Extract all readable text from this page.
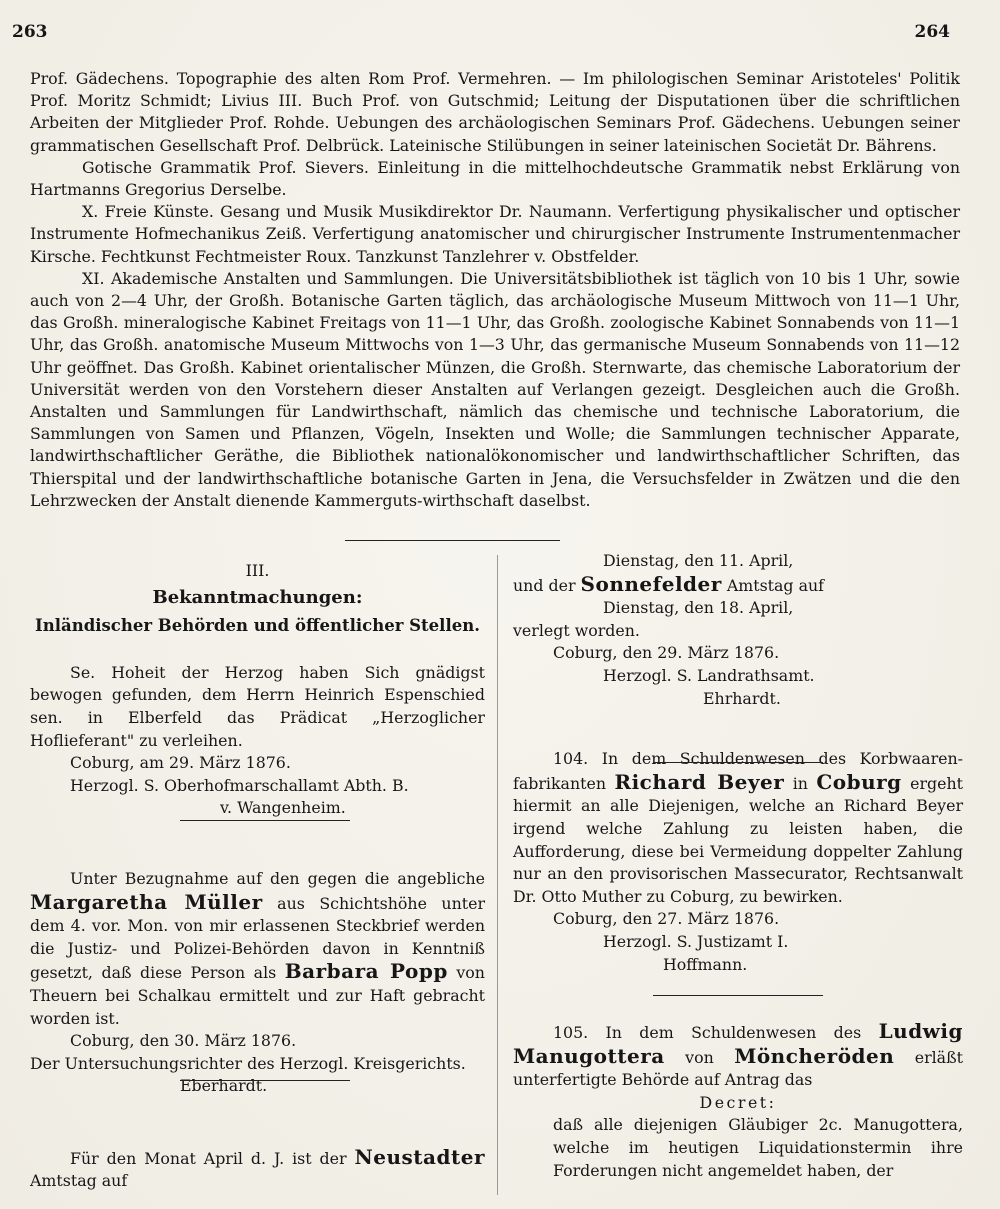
263	264

Prof. Gädechens. Topographie des alten Rom Prof. Vermehren. — Im philologischen Seminar Aristoteles' Politik Prof. Moritz Schmidt; Livius III. Buch Prof. von Gutschmid; Leitung der Disputationen über die schriftlichen Arbeiten der Mitglieder Prof. Rohde. Uebungen des archäologischen Seminars Prof. Gädechens. Uebungen seiner grammatischen Gesellschaft Prof. Delbrück. Lateinische Stilübungen in seiner lateinischen Societät Dr. Bährens.

Gotische Grammatik Prof. Sievers. Einleitung in die mittelhochdeutsche Grammatik nebst Erklärung von Hartmanns Gregorius Derselbe.

X. Freie Künste. Gesang und Musik Musikdirektor Dr. Naumann. Verfertigung physikalischer und optischer Instrumente Hofmechanikus Zeiß. Verfertigung anatomischer und chirurgischer Instrumente Instrumentenmacher Kirsche. Fechtkunst Fechtmeister Roux. Tanzkunst Tanzlehrer v. Obstfelder.

XI. Akademische Anstalten und Sammlungen. Die Universitätsbibliothek ist täglich von 10 bis 1 Uhr, sowie auch von 2—4 Uhr, der Großh. Botanische Garten täglich, das archäologische Museum Mittwoch von 11—1 Uhr, das Großh. mineralogische Kabinet Freitags von 11—1 Uhr, das Großh. zoologische Kabinet Sonnabends von 11—1 Uhr, das Großh. anatomische Museum Mittwochs von 1—3 Uhr, das germanische Museum Sonnabends von 11—12 Uhr geöffnet. Das Großh. Kabinet orientalischer Münzen, die Großh. Sternwarte, das chemische Laboratorium der Universität werden von den Vorstehern dieser Anstalten auf Verlangen gezeigt. Desgleichen auch die Großh. Anstalten und Sammlungen für Landwirthschaft, nämlich das chemische und technische Laboratorium, die Sammlungen von Samen und Pflanzen, Vögeln, Insekten und Wolle; die Sammlungen technischer Apparate, landwirthschaftlicher Geräthe, die Bibliothek nationalökonomischer und landwirthschaftlicher Schriften, das Thierspital und der landwirthschaftliche botanische Garten in Jena, die Versuchsfelder in Zwätzen und die den Lehrzwecken der Anstalt dienende Kammerguts-wirthschaft daselbst.

III.

Bekanntmachungen:

Inländischer Behörden und öffentlicher Stellen.

Se. Hoheit der Herzog haben Sich gnädigst bewogen gefunden, dem Herrn Heinrich Espenschied sen. in Elberfeld das Prädicat „Herzoglicher Hoflieferant" zu verleihen.

Coburg, am 29. März 1876.

Herzogl. S. Oberhofmarschallamt Abth. B.

v. Wangenheim.

Unter Bezugnahme auf den gegen die angebliche Margaretha Müller aus Schichtshöhe unter dem 4. vor. Mon. von mir erlassenen Steckbrief werden die Justiz- und Polizei-Behörden davon in Kenntniß gesetzt, daß diese Person als Barbara Popp von Theuern bei Schalkau ermittelt und zur Haft gebracht worden ist.

Coburg, den 30. März 1876.

Der Untersuchungsrichter des Herzogl. Kreisgerichts.

Eberhardt.

Für den Monat April d. J. ist der Neustadter Amtstag auf

Dienstag, den 11. April,

und der Sonnefelder Amtstag auf

Dienstag, den 18. April,

verlegt worden.

Coburg, den 29. März 1876.

Herzogl. S. Landrathsamt.

Ehrhardt.

104. In dem Schuldenwesen des Korbwaaren-fabrikanten Richard Beyer in Coburg ergeht hiermit an alle Diejenigen, welche an Richard Beyer irgend welche Zahlung zu leisten haben, die Aufforderung, diese bei Vermeidung doppelter Zahlung nur an den provisorischen Massecurator, Rechtsanwalt Dr. Otto Muther zu Coburg, zu bewirken.

Coburg, den 27. März 1876.

Herzogl. S. Justizamt I.

Hoffmann.

105. In dem Schuldenwesen des Ludwig Manugottera von Möncheröden erläßt unterfertigte Behörde auf Antrag das

Decret:

daß alle diejenigen Gläubiger 2c. Manugottera, welche im heutigen Liquidationstermin ihre Forderungen nicht angemeldet haben, der
